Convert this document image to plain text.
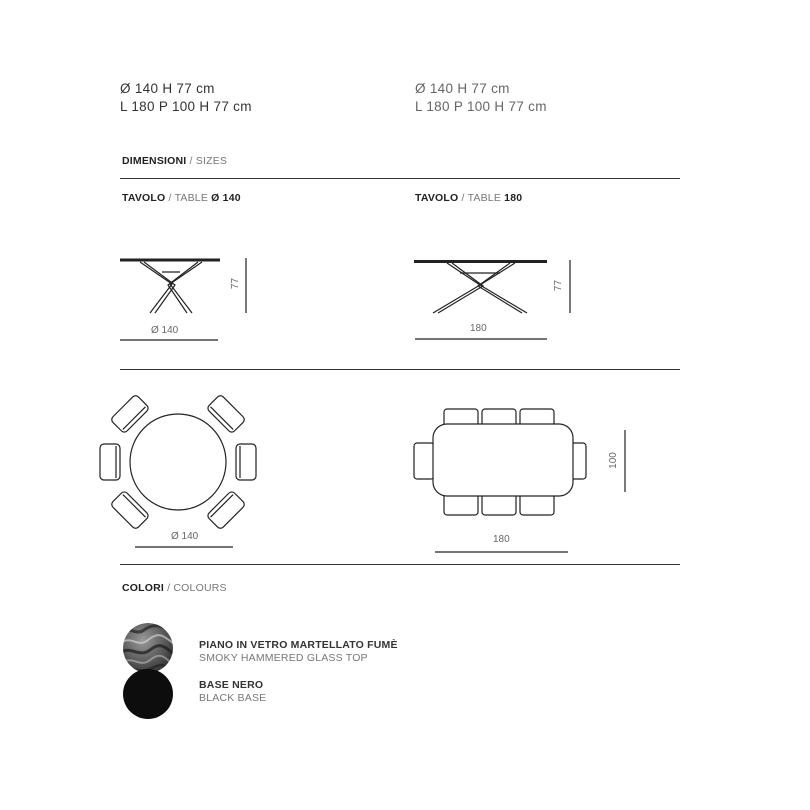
Ø 140 H 77 cm
L 180 P 100 H 77 cm
Ø 140 H 77 cm
L 180 P 100 H 77 cm
DIMENSIONI / SIZES
TAVOLO / TABLE Ø 140	TAVOLO / TABLE 180
Ø 140
77
180
77
Ø 140	180
100
COLORI / COLOURS
PIANO IN VETRO MARTELLATO FUMÈ
SMOKY HAMMERED GLASS TOP
BASE NERO
BLACK BASE
